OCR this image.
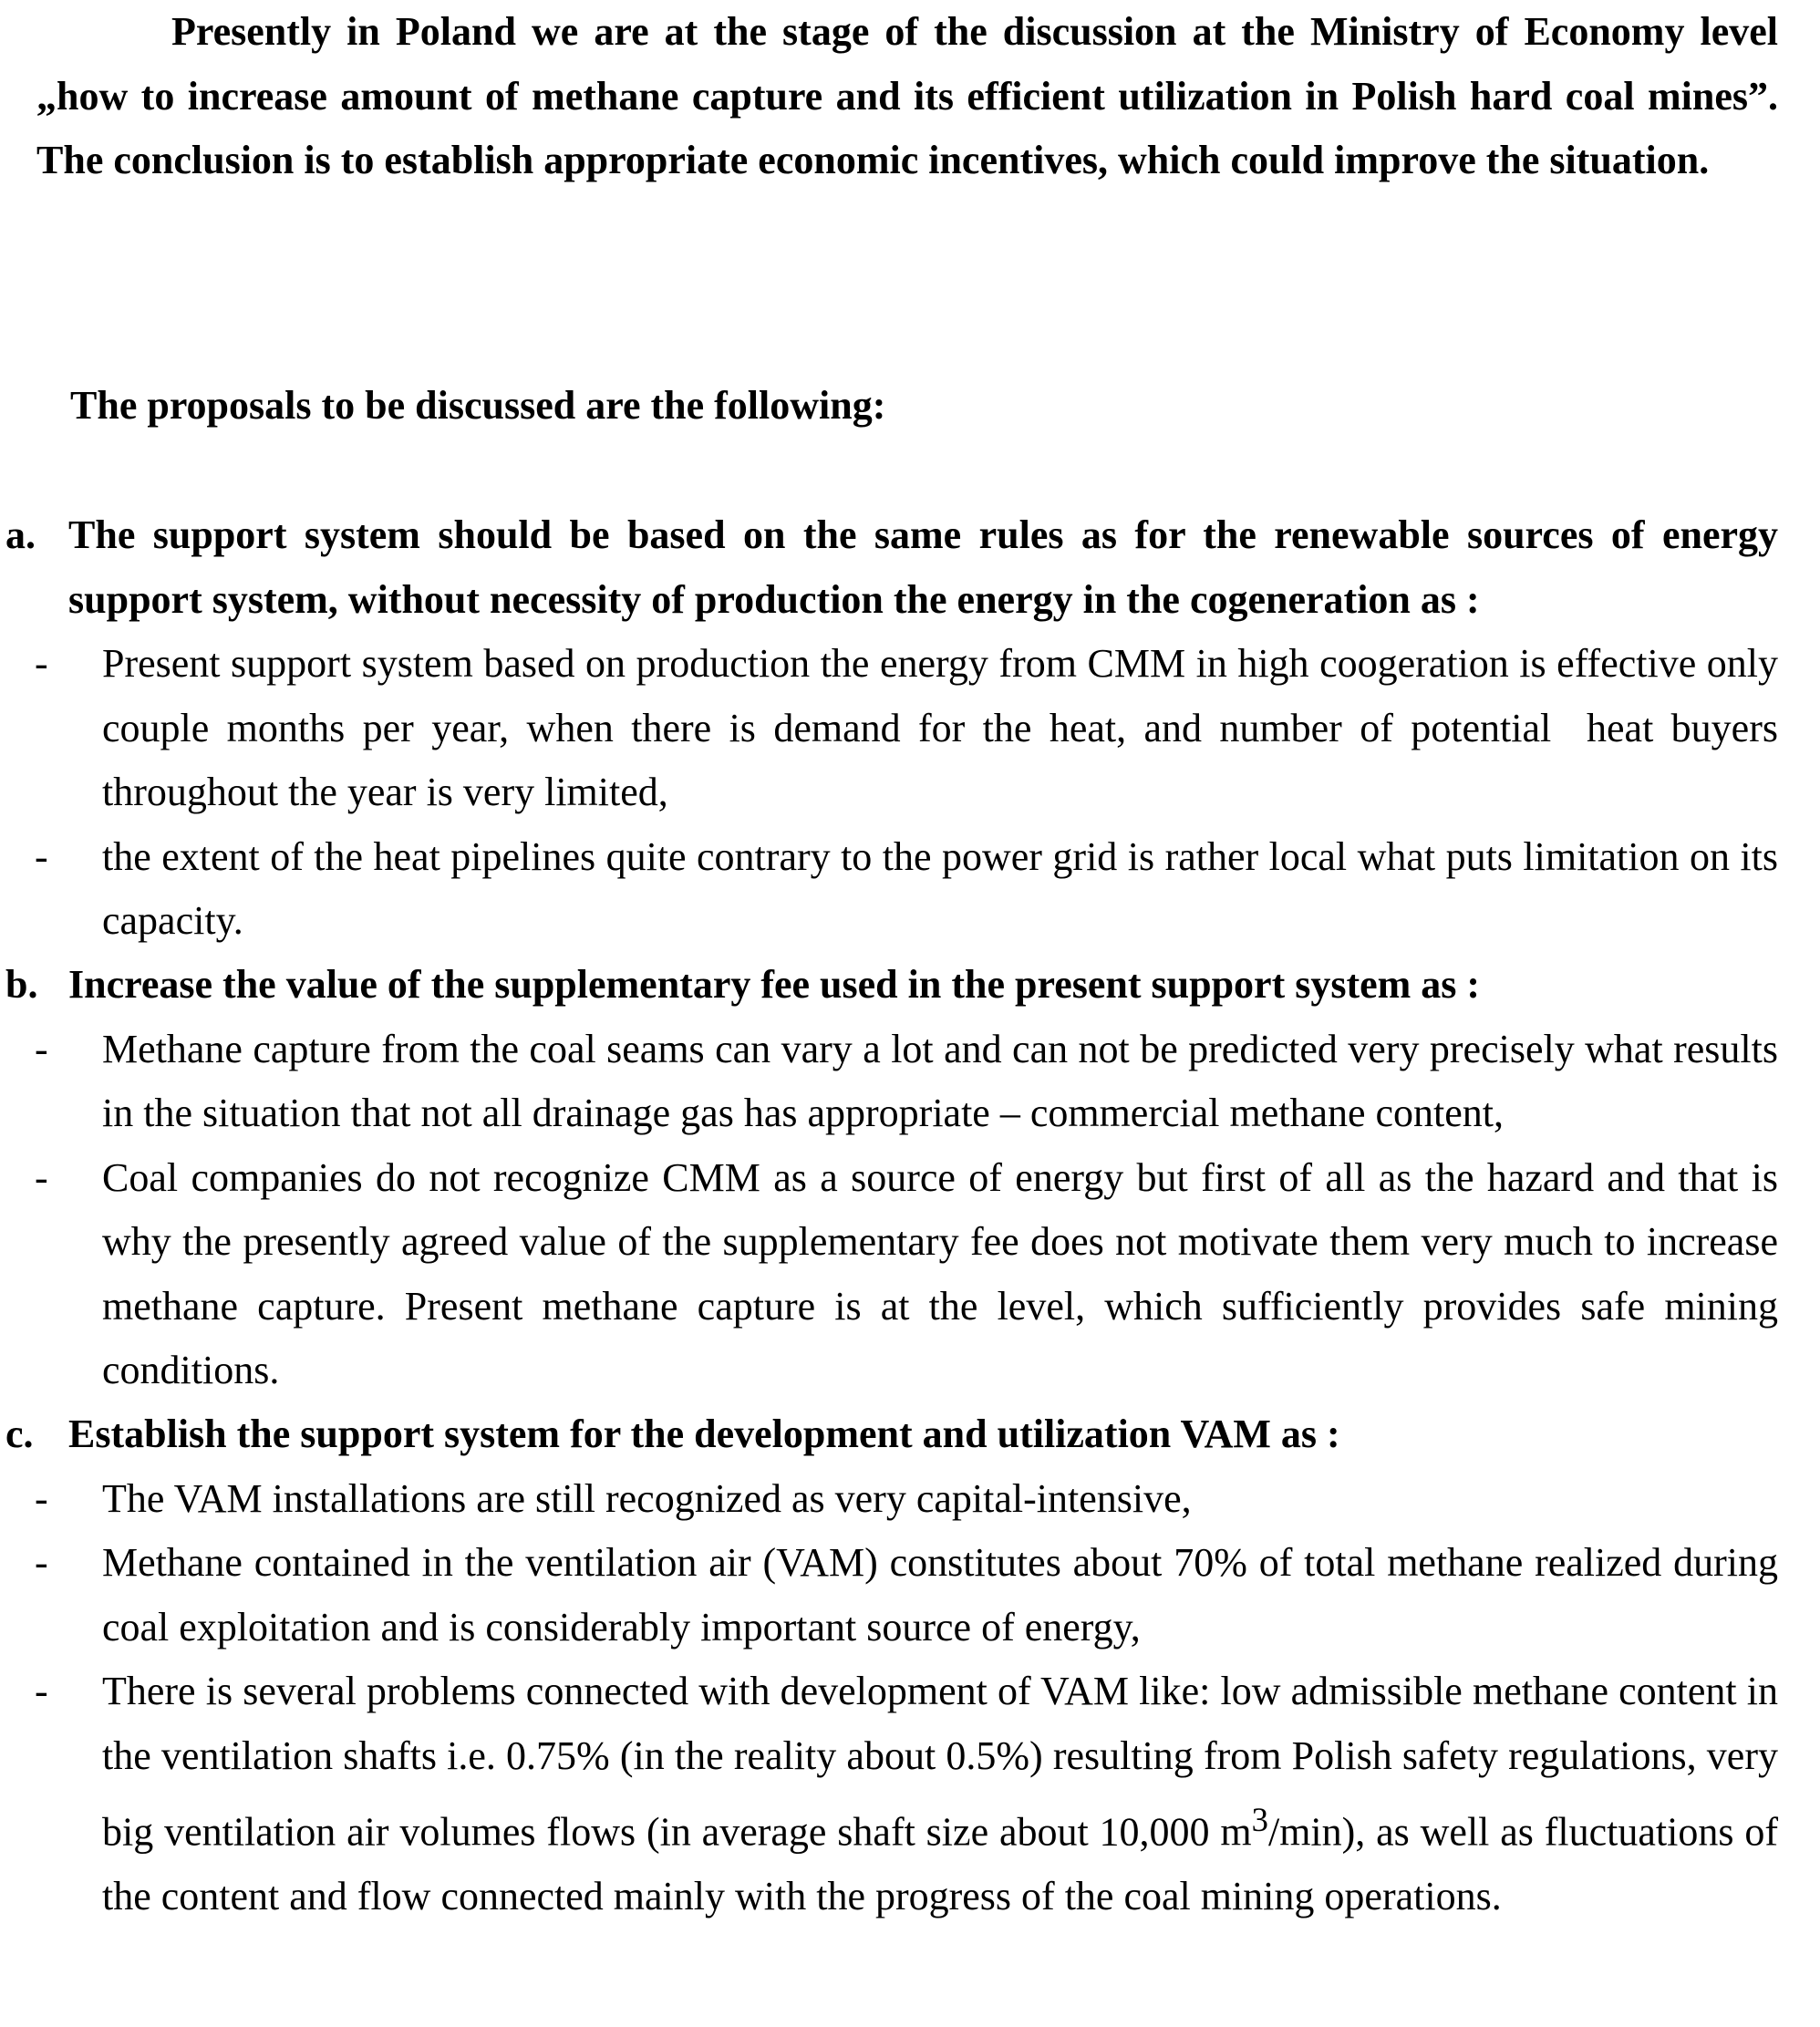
Presently in Poland we are at the stage of the discussion at the Ministry of Economy level „how to increase amount of methane capture and its efficient utilization in Polish hard coal mines”. The conclusion is to establish appropriate economic incentives, which could improve the situation.

The proposals to be discussed are the following:

a. The support system should be based on the same rules as for the renewable sources of energy support system, without necessity of production the energy in the cogeneration as :
- Present support system based on production the energy from CMM in high coogeration is effective only couple months per year, when there is demand for the heat, and number of potential  heat buyers throughout the year is very limited,
- the extent of the heat pipelines quite contrary to the power grid is rather local what puts limitation on its capacity.
b. Increase the value of the supplementary fee used in the present support system as :
- Methane capture from the coal seams can vary a lot and can not be predicted very precisely what results in the situation that not all drainage gas has appropriate – commercial methane content,
- Coal companies do not recognize CMM as a source of energy but first of all as the hazard and that is why the presently agreed value of the supplementary fee does not motivate them very much to increase methane capture. Present methane capture is at the level, which sufficiently provides safe mining conditions.
c. Establish the support system for the development and utilization VAM as :
- The VAM installations are still recognized as very capital-intensive,
- Methane contained in the ventilation air (VAM) constitutes about 70% of total methane realized during coal exploitation and is considerably important source of energy,
- There is several problems connected with development of VAM like: low admissible methane content in the ventilation shafts i.e. 0.75% (in the reality about 0.5%) resulting from Polish safety regulations, very big ventilation air volumes flows (in average shaft size about 10,000 $m^3/\min$), as well as fluctuations of the content and flow connected mainly with the progress of the coal mining operations.
